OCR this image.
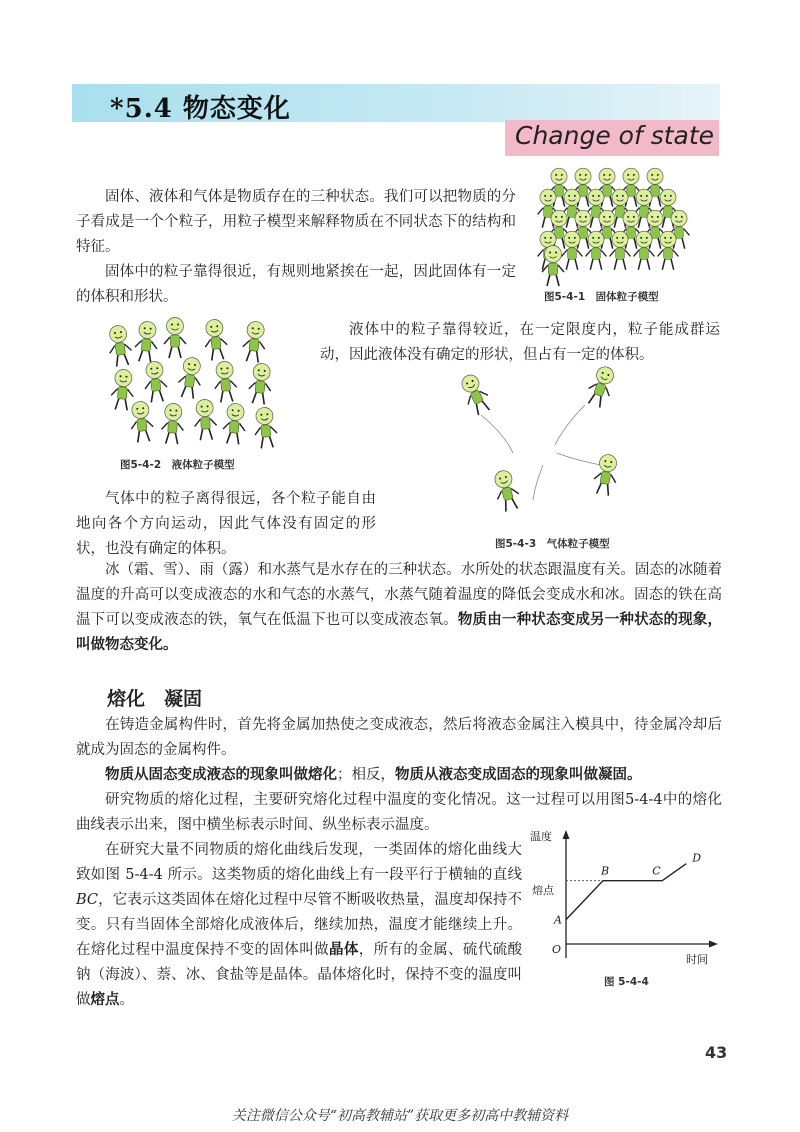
*5.4 物态变化
Change of state

固体、液体和气体是物质存在的三种状态。我们可以把物质的分子看成是一个个粒子，用粒子模型来解释物质在不同状态下的结构和特征。

固体中的粒子靠得很近，有规则地紧挨在一起，因此固体有一定的体积和形状。	图5-4-1　固体粒子模型
图5-4-2　液体粒子模型

液体中的粒子靠得较近，在一定限度内，粒子能成群运动，因此液体没有确定的形状，但占有一定的体积。

图5-4-3　气体粒子模型

气体中的粒子离得很远，各个粒子能自由地向各个方向运动，因此气体没有固定的形状，也没有确定的体积。

冰（霜、雪）、雨（露）和水蒸气是水存在的三种状态。水所处的状态跟温度有关。固态的冰随着温度的升高可以变成液态的水和气态的水蒸气，水蒸气随着温度的降低会变成水和冰。固态的铁在高温下可以变成液态的铁，氧气在低温下也可以变成液态氧。物质由一种状态变成另一种状态的现象，叫做物态变化。

熔化　凝固

在铸造金属构件时，首先将金属加热使之变成液态，然后将液态金属注入模具中，待金属冷却后就成为固态的金属构件。

物质从固态变成液态的现象叫做熔化；相反，物质从液态变成固态的现象叫做凝固。

研究物质的熔化过程，主要研究熔化过程中温度的变化情况。这一过程可以用图5-4-4中的熔化曲线表示出来，图中横坐标表示时间、纵坐标表示温度。

在研究大量不同物质的熔化曲线后发现，一类固体的熔化曲线大致如图 5-4-4 所示。这类物质的熔化曲线上有一段平行于横轴的直线BC，它表示这类固体在熔化过程中尽管不断吸收热量，温度却保持不变。只有当固体全部熔化成液体后，继续加热，温度才能继续上升。在熔化过程中温度保持不变的固体叫做晶体，所有的金属、硫代硫酸钠（海波）、萘、冰、食盐等是晶体。晶体熔化时，保持不变的温度叫做熔点。

温度
时间
O
熔点
A
B	C
D
图 5-4-4
43
关注微信公众号“初高教辅站”获取更多初高中教辅资料
